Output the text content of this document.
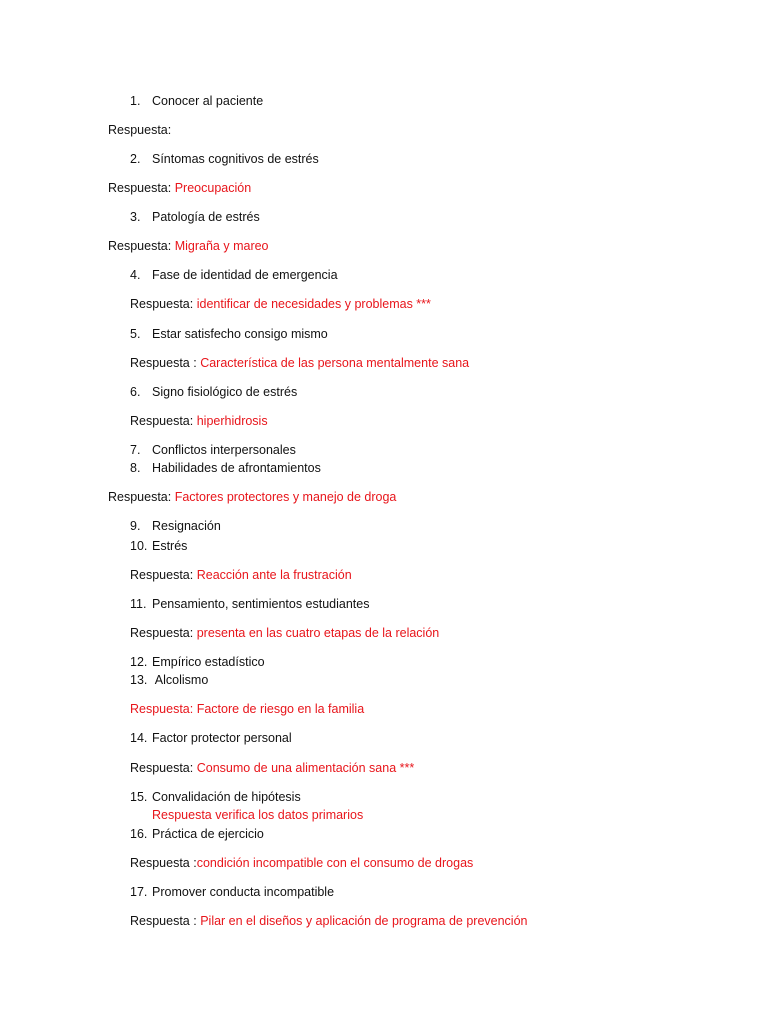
1. Conocer al paciente
Respuesta:
2. Síntomas cognitivos de estrés
Respuesta: Preocupación
3. Patología de estrés
Respuesta: Migraña y mareo
4. Fase de identidad de emergencia
Respuesta: identificar de necesidades y problemas ***
5. Estar satisfecho consigo mismo
Respuesta : Característica de las persona mentalmente sana
6. Signo fisiológico de estrés
Respuesta: hiperhidrosis
7. Conflictos interpersonales
8. Habilidades de afrontamientos
Respuesta: Factores protectores y manejo de droga
9. Resignación
10. Estrés
Respuesta: Reacción ante la frustración
11. Pensamiento, sentimientos estudiantes
Respuesta: presenta en las cuatro etapas de la relación
12. Empírico estadístico
13. Alcolismo
Respuesta: Factore de riesgo en la familia
14. Factor protector personal
Respuesta: Consumo de una alimentación sana ***
15. Convalidación de hipótesis
Respuesta verifica los datos primarios
16. Práctica de ejercicio
Respuesta :condición incompatible con el consumo de drogas
17. Promover conducta incompatible
Respuesta : Pilar en el diseños y aplicación de programa de prevención
